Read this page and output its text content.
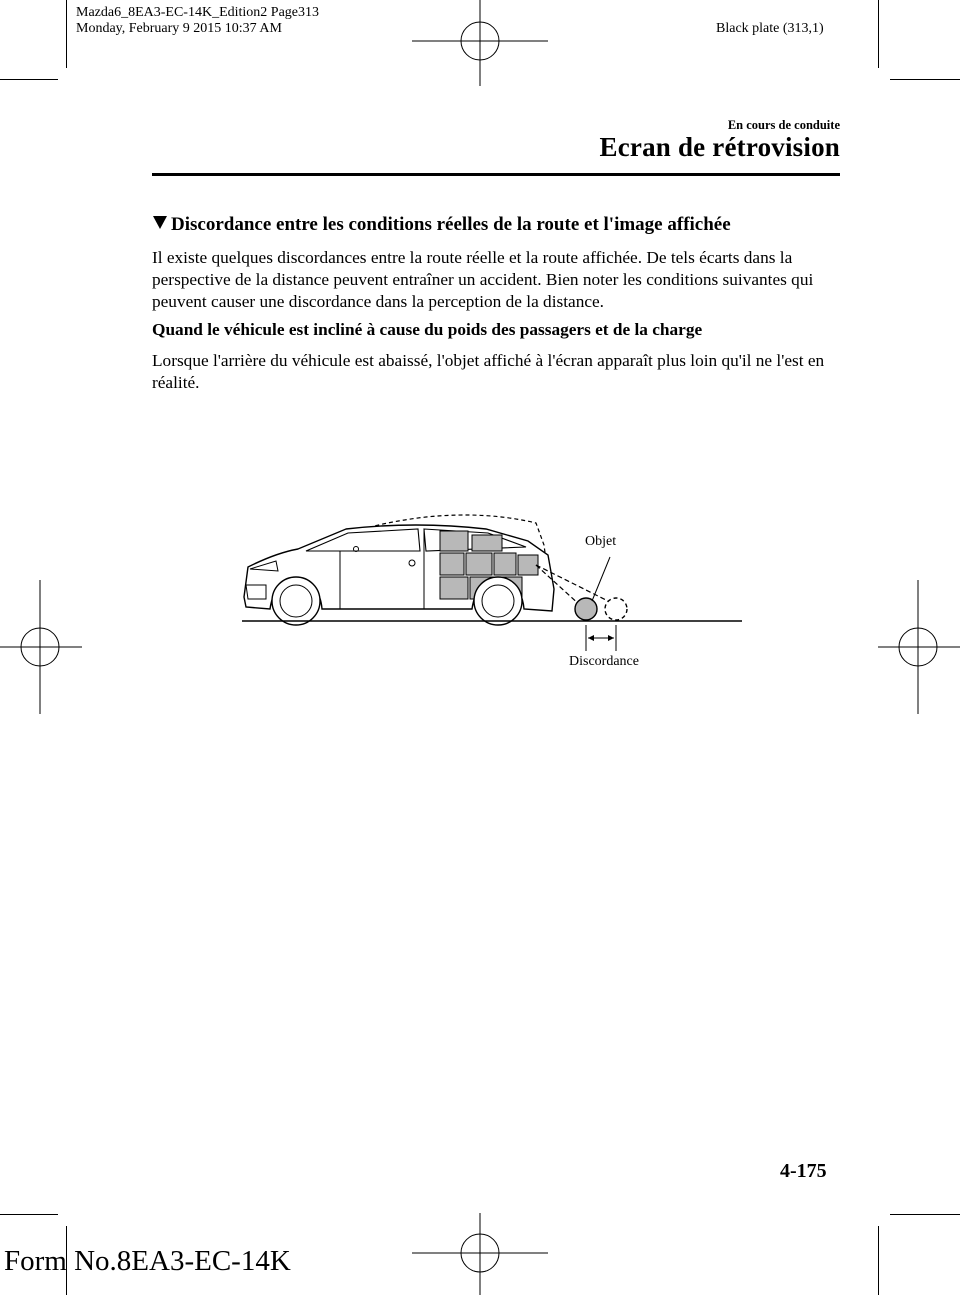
Mazda6_8EA3-EC-14K_Edition2 Page313
Monday, February 9 2015 10:37 AM	Black plate (313,1)
En cours de conduite
Ecran de rétrovision
Discordance entre les conditions réelles de la route et l'image affichée
Il existe quelques discordances entre la route réelle et la route affichée. De tels écarts dans la perspective de la distance peuvent entraîner un accident. Bien noter les conditions suivantes qui peuvent causer une discordance dans la perception de la distance.
Quand le véhicule est incliné à cause du poids des passagers et de la charge
Lorsque l'arrière du véhicule est abaissé, l'objet affiché à l'écran apparaît plus loin qu'il ne l'est en réalité.
Objet
Discordance
4-175
Form No.8EA3-EC-14K
